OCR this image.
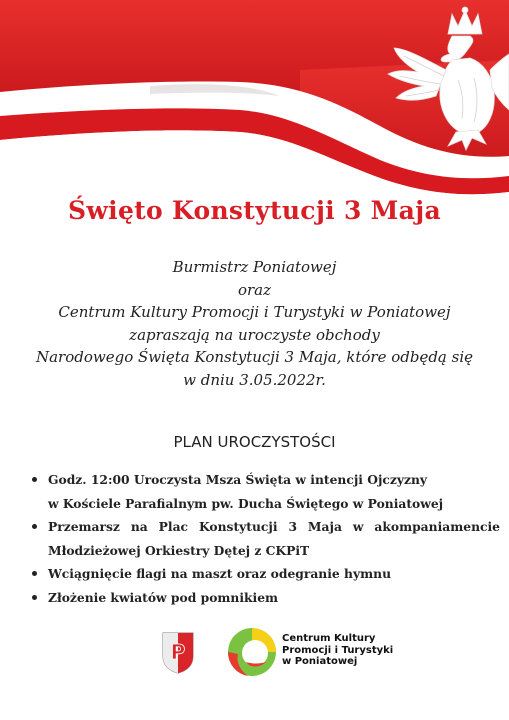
Święto Konstytucji 3 Maja
Burmistrz Poniatowej
oraz
Centrum Kultury Promocji i Turystyki w Poniatowej
zapraszają na uroczyste obchody
Narodowego Święta Konstytucji 3 Maja, które odbędą się
w dniu 3.05.2022r.
PLAN UROCZYSTOŚCI
Godz. 12:00 Uroczysta Msza Święta w intencji Ojczyzny
w Kościele Parafialnym pw. Ducha Świętego w Poniatowej
Przemarsz na Plac Konstytucji 3 Maja w akompaniamencie
Młodzieżowej Orkiestry Dętej z CKPiT
Wciągnięcie flagi na maszt oraz odegranie hymnu
Złożenie kwiatów pod pomnikiem
P
Centrum Kultury
Promocji i Turystyki
w Poniatowej
